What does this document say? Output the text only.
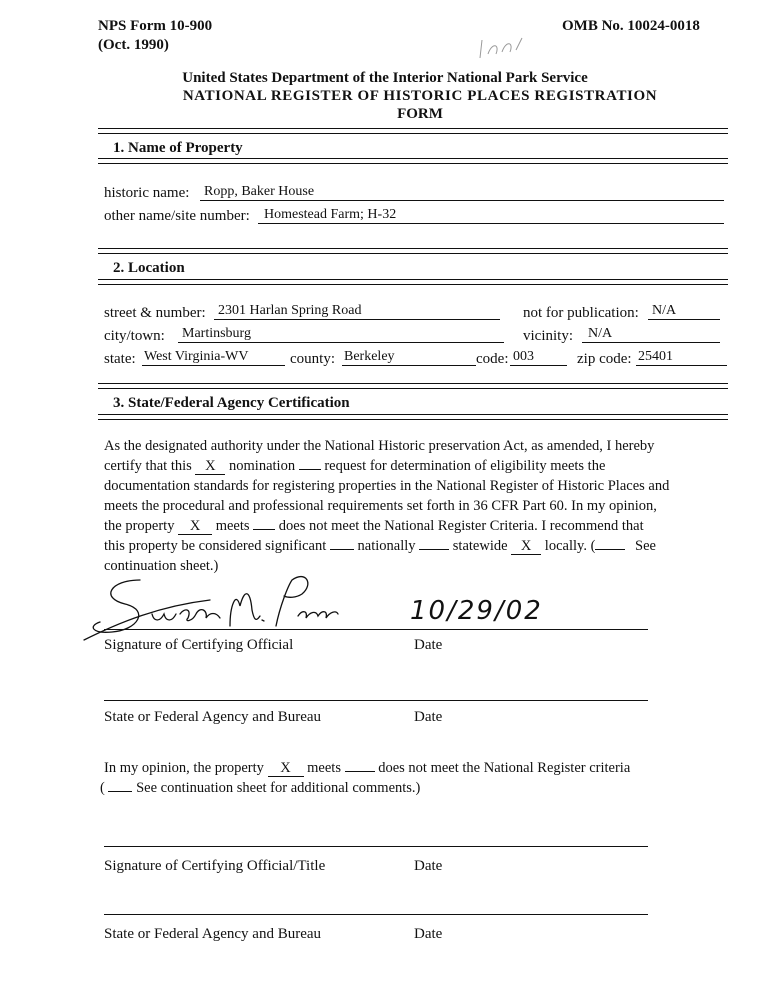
NPS Form 10-900
(Oct. 1990)
OMB No. 10024-0018
United States Department of the Interior National Park Service
NATIONAL REGISTER OF HISTORIC PLACES REGISTRATION
FORM
1. Name of Property
historic name: Ropp, Baker House
other name/site number: Homestead Farm; H-32
2. Location
street & number: 2301 Harlan Spring Road	not for publication: N/A
city/town: Martinsburg	vicinity: N/A
state: West Virginia-WV	county: Berkeley	code: 003	zip code: 25401
3. State/Federal Agency Certification
As the designated authority under the National Historic preservation Act, as amended, I hereby
certify that this X nomination request for determination of eligibility meets the
documentation standards for registering properties in the National Register of Historic Places and
meets the procedural and professional requirements set forth in 36 CFR Part 60. In my opinion,
the property X meets does not meet the National Register Criteria. I recommend that
this property be considered significant nationally	statewide X locally. (	See
continuation sheet.)
10/29/02
Signature of Certifying Official	Date
State or Federal Agency and Bureau	Date
In my opinion, the property X meets	does not meet the National Register criteria
( See continuation sheet for additional comments.)
Signature of Certifying Official/Title	Date
State or Federal Agency and Bureau	Date
